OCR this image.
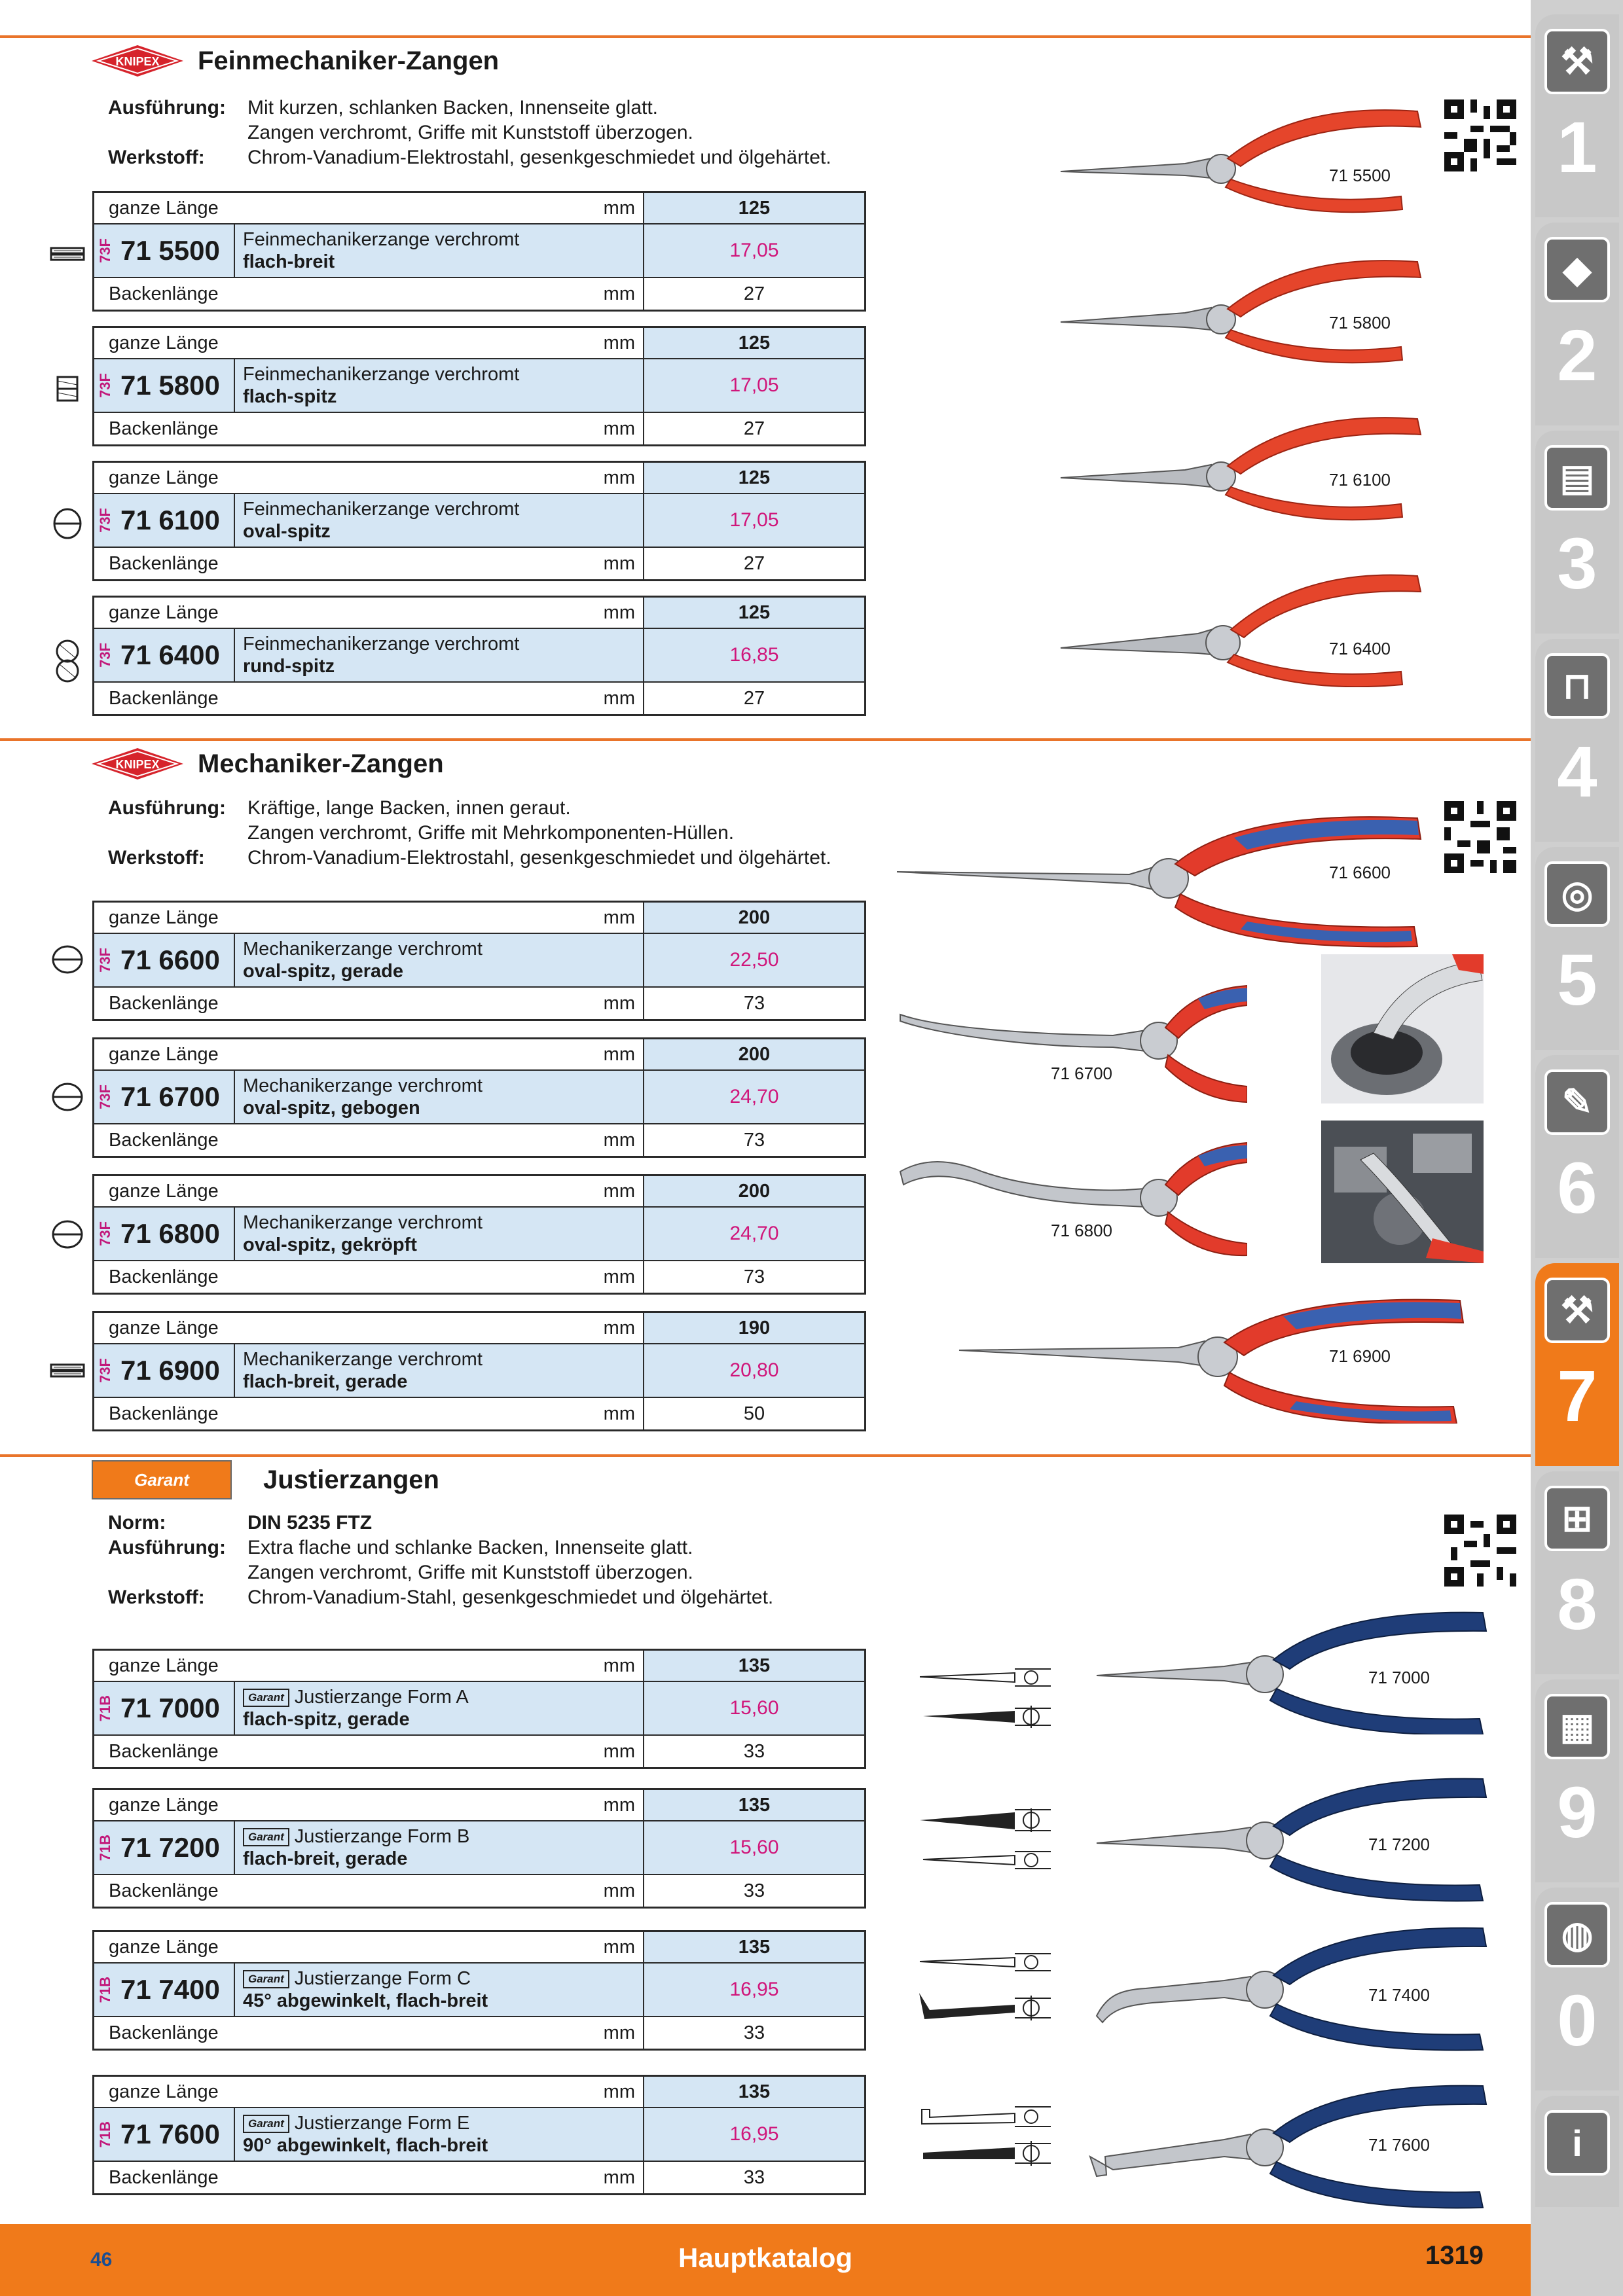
KNIPEX Feinmechaniker-Zangen
Ausführung:	Mit kurzen, schlanken Backen, Innenseite glatt.
Zangen verchromt, Griffe mit Kunststoff überzogen.
Werkstoff:	Chrom-Vanadium-Elektrostahl, gesenkgeschmiedet und ölgehärtet.
ganze Länge	mm	125
73F 71 5500 Feinmechanikerzange verchromt
flach-breit
17,05
Backenlänge	mm	27
ganze Länge	mm	125
73F 71 5800 Feinmechanikerzange verchromt
flach-spitz
17,05
Backenlänge	mm	27
ganze Länge	mm	125
73F 71 6100 Feinmechanikerzange verchromt
oval-spitz
17,05
Backenlänge	mm	27
ganze Länge	mm	125
73F 71 6400 Feinmechanikerzange verchromt
rund-spitz
16,85
Backenlänge	mm	27
71 5500
71 5800
71 6100
71 6400
KNIPEX Mechaniker-Zangen
Ausführung:	Kräftige, lange Backen, innen geraut.
Zangen verchromt, Griffe mit Mehrkomponenten-Hüllen.
Werkstoff:	Chrom-Vanadium-Elektrostahl, gesenkgeschmiedet und ölgehärtet.
ganze Länge	mm	200
73F 71 6600 Mechanikerzange verchromt
oval-spitz, gerade
22,50
Backenlänge	mm	73
ganze Länge	mm	200
73F 71 6700 Mechanikerzange verchromt
oval-spitz, gebogen
24,70
Backenlänge	mm	73
ganze Länge	mm	200
73F 71 6800 Mechanikerzange verchromt
oval-spitz, gekröpft
24,70
Backenlänge	mm	73
ganze Länge	mm	190
73F 71 6900 Mechanikerzange verchromt
flach-breit, gerade
20,80
Backenlänge	mm	50
71 6600
71 6700
71 6800
71 6900
Garant	Justierzangen
Norm:	DIN 5235 FTZ
Ausführung:	Extra flache und schlanke Backen, Innenseite glatt.
Zangen verchromt, Griffe mit Kunststoff überzogen.
Werkstoff:	Chrom-Vanadium-Stahl, gesenkgeschmiedet und ölgehärtet.
ganze Länge	mm	135
71B 71 7000	Garant Justierzange Form A
flach-spitz, gerade
15,60
Backenlänge	mm	33
ganze Länge	mm	135
71B 71 7200	Garant Justierzange Form B
flach-breit, gerade
15,60
Backenlänge	mm	33
ganze Länge	mm	135
71B 71 7400	Garant Justierzange Form C
45° abgewinkelt, flach-breit
16,95
Backenlänge	mm	33
ganze Länge	mm	135
71B 71 7600	Garant Justierzange Form E
90° abgewinkelt, flach-breit
16,95
Backenlänge	mm	33
71 7000
71 7200
71 7400
71 7600
⚒
1
◆
2
▤
3
⊓
4
◎
5
✎
6
⚒
7
⊞
8
▦
9
◍
0
i
46	Hauptkatalog	1319
